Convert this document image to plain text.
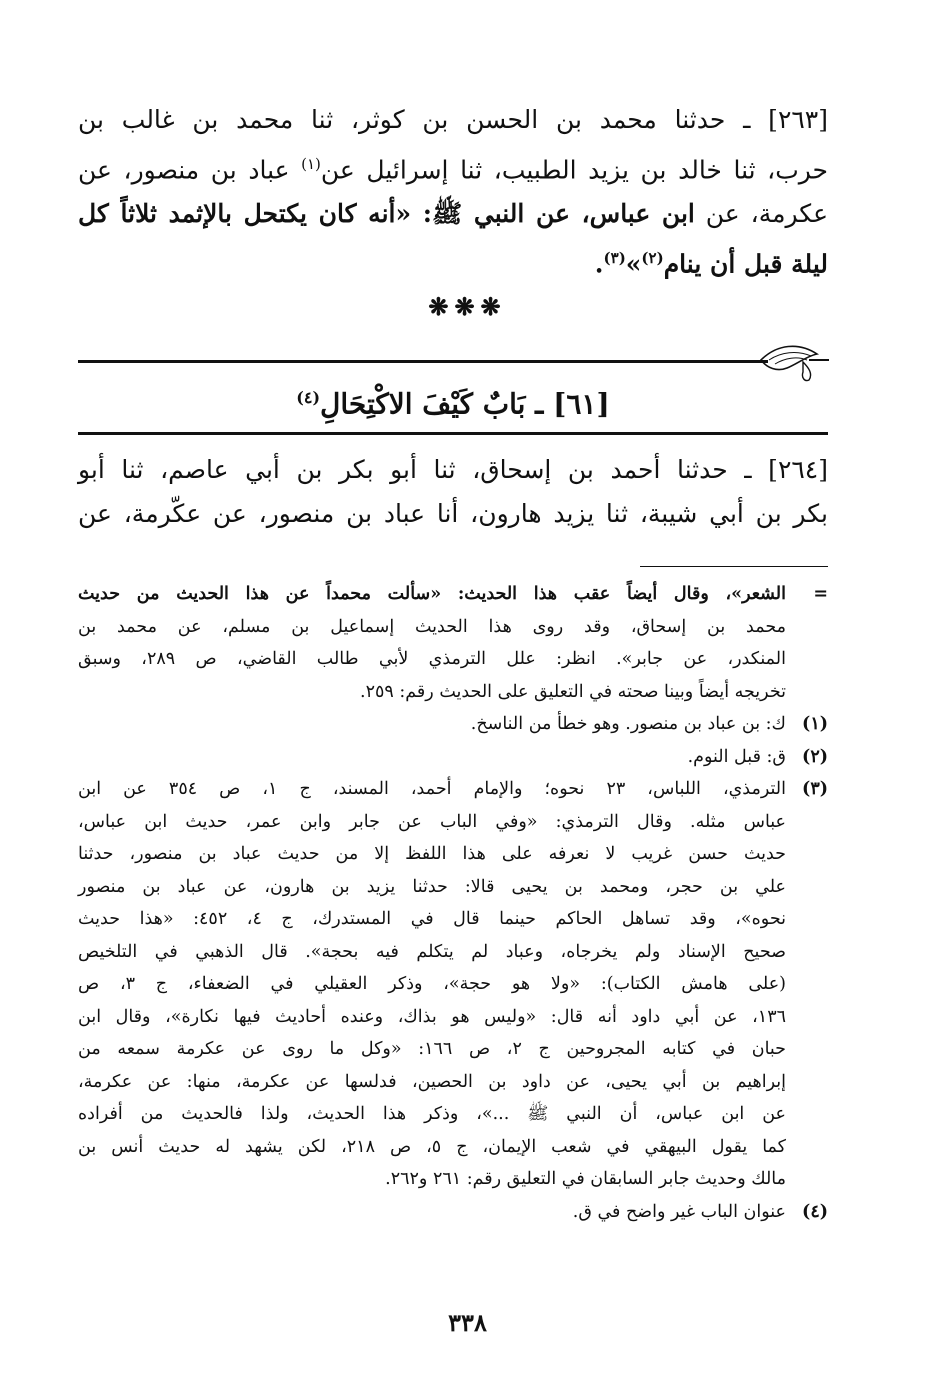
[٢٦٣] ـ حدثنا محمد بن الحسن بن كوثر، ثنا محمد بن غالب بن
حرب، ثنا خالد بن يزيد الطبيب، ثنا إسرائيل عن$^{(١)}$ عباد بن منصور، عن
عكرمة، عن ابن عباس، عن النبي ﷺ: «أنه كان يكتحل بالإثمد ثلاثاً كل
ليلة قبل أن ينام$^{(٢)}$»$^{(٣)}$.
❋❋❋
[٦١] ـ بَابٌ كَيْفَ الاكْتِحَالِ$^{(٤)}$
[٢٦٤] ـ حدثنا أحمد بن إسحاق، ثنا أبو بكر بن أبي عاصم، ثنا أبو
بكر بن أبي شيبة، ثنا يزيد هارون، أنا عباد بن منصور، عن عكّرمة، عن
=
الشعر»، وقال أيضاً عقب هذا الحديث: «سألت محمداً عن هذا الحديث من حديث
محمد بن إسحاق، وقد روى هذا الحديث إسماعيل بن مسلم، عن محمد بن
المنكدر، عن جابر». انظر: علل الترمذي لأبي طالب القاضي، ص ٢٨٩، وسبق
تخريجه أيضاً وبينا صحته في التعليق على الحديث رقم: ٢٥٩.
(١)
ك: بن عباد بن منصور. وهو خطأ من الناسخ.
(٢)
ق: قبل النوم.
(٣)
الترمذي، اللباس، ٢٣ نحوه؛ والإمام أحمد، المسند، ج ١، ص ٣٥٤ عن ابن
عباس مثله. وقال الترمذي: «وفي الباب عن جابر وابن عمر، حديث ابن عباس،
حديث حسن غريب لا نعرفه على هذا اللفظ إلا من حديث عباد بن منصور، حدثنا
علي بن حجر، ومحمد بن يحيى قالا: حدثنا يزيد بن هارون، عن عباد بن منصور
نحوه»، وقد تساهل الحاكم حينما قال في المستدرك، ج ٤، ٤٥٢: «هذا حديث
صحيح الإسناد ولم يخرجاه، وعباد لم يتكلم فيه بحجة». قال الذهبي في التلخيص
(على هامش الكتاب): «ولا هو حجة»، وذكر العقيلي في الضعفاء، ج ٣، ص
١٣٦، عن أبي داود أنه قال: «وليس هو بذاك، وعنده أحاديث فيها نكارة»، وقال ابن
حبان في كتابه المجروحين ج ٢، ص ١٦٦: «وكل ما روى عن عكرمة سمعه من
إبراهيم بن أبي يحيى، عن داود بن الحصين، فدلسها عن عكرمة، منها: عن عكرمة،
عن ابن عباس، أن النبي ﷺ ...»، وذكر هذا الحديث، ولذا فالحديث من أفراده
كما يقول البيهقي في شعب الإيمان، ج ٥، ص ٢١٨، لكن يشهد له حديث أنس بن
مالك وحديث جابر السابقان في التعليق رقم: ٢٦١ و٢٦٢.
(٤)
عنوان الباب غير واضح في ق.
٣٣٨
